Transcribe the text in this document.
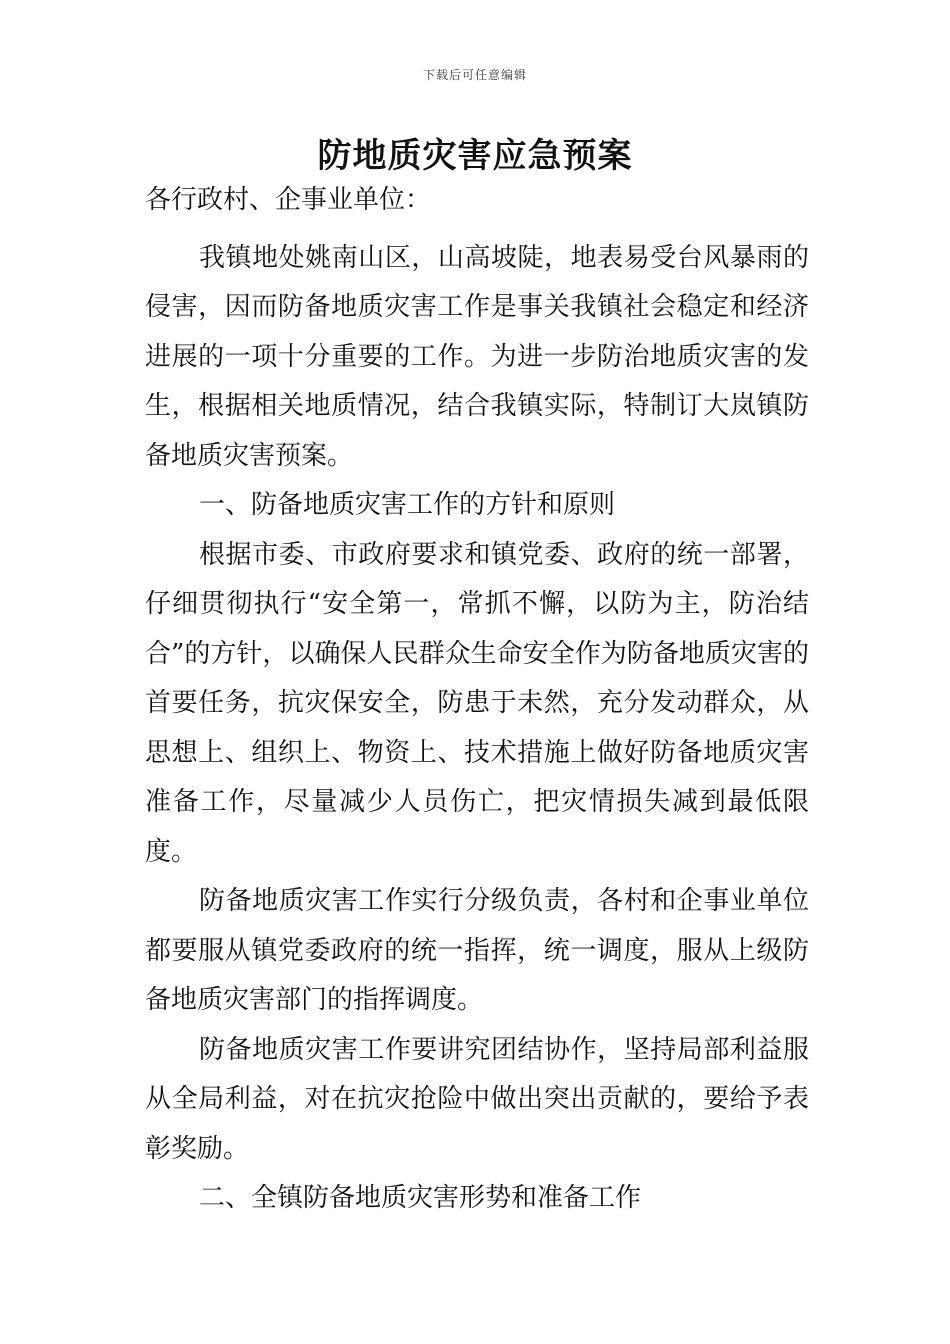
下载后可任意编辑
防地质灾害应急预案

各行政村、企事业单位：

我镇地处姚南山区，山高坡陡，地表易受台风暴雨的侵害，因而防备地质灾害工作是事关我镇社会稳定和经济进展的一项十分重要的工作。为进一步防治地质灾害的发生，根据相关地质情况，结合我镇实际，特制订大岚镇防备地质灾害预案。

一、防备地质灾害工作的方针和原则

根据市委、市政府要求和镇党委、政府的统一部署，仔细贯彻执行“安全第一，常抓不懈，以防为主，防治结合”的方针，以确保人民群众生命安全作为防备地质灾害的首要任务，抗灾保安全，防患于未然，充分发动群众，从思想上、组织上、物资上、技术措施上做好防备地质灾害准备工作，尽量减少人员伤亡，把灾情损失减到最低限度。

防备地质灾害工作实行分级负责，各村和企事业单位都要服从镇党委政府的统一指挥，统一调度，服从上级防备地质灾害部门的指挥调度。

防备地质灾害工作要讲究团结协作，坚持局部利益服从全局利益，对在抗灾抢险中做出突出贡献的，要给予表彰奖励。

二、全镇防备地质灾害形势和准备工作
